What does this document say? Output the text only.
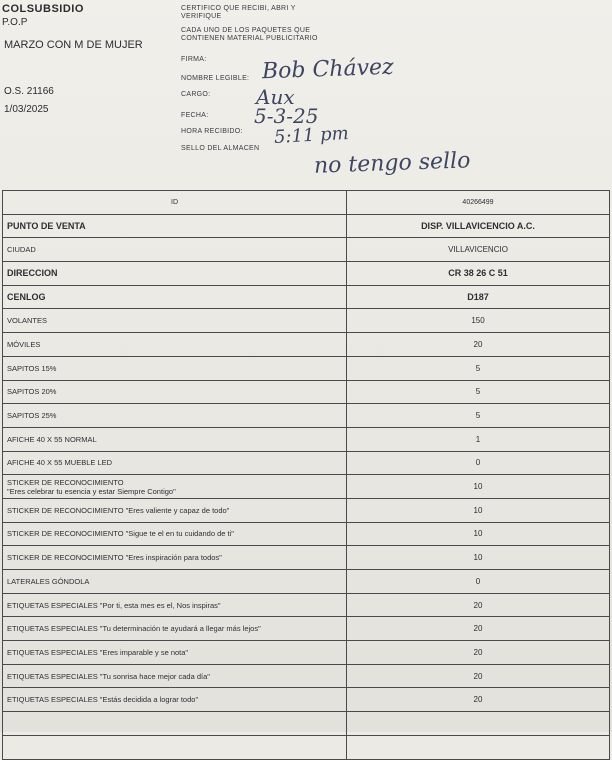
COLSUBSIDIO
P.O.P
MARZO CON M DE MUJER
O.S. 21166
1/03/2025
CERTIFICO QUE RECIBI, ABRI Y
VERIFIQUE
CADA UNO DE LOS PAQUETES QUE
CONTIENEN MATERIAL PUBLICITARIO
FIRMA:
NOMBRE LEGIBLE:
CARGO:
FECHA:
HORA RECIBIDO:
SELLO DEL ALMACEN
Bob Chávez
Aux
5-3-25
5:11 pm
no tengo sello
ID	40266499
PUNTO DE VENTA	DISP. VILLAVICENCIO A.C.
CIUDAD	VILLAVICENCIO
DIRECCION	CR 38 26 C 51
CENLOG	D187
VOLANTES	150
MÓVILES	20
SAPITOS 15%	5
SAPITOS 20%	5
SAPITOS 25%	5
AFICHE 40 X 55 NORMAL	1
AFICHE 40 X 55 MUEBLE LED	0
STICKER DE RECONOCIMIENTO
"Eres celebrar tu esencia y estar Siempre Contigo"	10
STICKER DE RECONOCIMIENTO "Eres valiente y capaz de todo"	10
STICKER DE RECONOCIMIENTO "Sigue te el en tu cuidando de ti"	10
STICKER DE RECONOCIMIENTO "Eres inspiración para todos"	10
LATERALES GÓNDOLA	0
ETIQUETAS ESPECIALES "Por ti, esta mes es el, Nos inspiras"	20
ETIQUETAS ESPECIALES "Tu determinación te ayudará a llegar más lejos"	20
ETIQUETAS ESPECIALES "Eres imparable y se nota"	20
ETIQUETAS ESPECIALES "Tu sonrisa hace mejor cada día"	20
ETIQUETAS ESPECIALES "Estás decidida a lograr todo"	20
